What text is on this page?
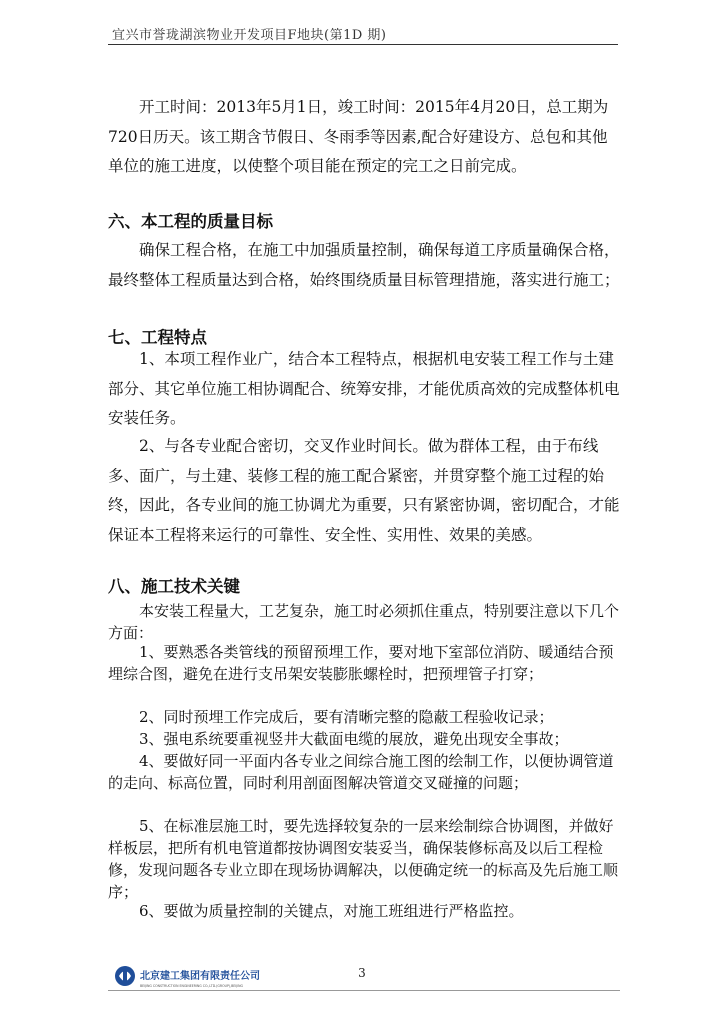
宜兴市誉珑湖滨物业开发项目F地块(第1D 期)
开工时间：2013年5月1日，竣工时间：2015年4月20日，总工期为720日历天。该工期含节假日、冬雨季等因素,配合好建设方、总包和其他单位的施工进度，以使整个项目能在预定的完工之日前完成。
六、本工程的质量目标
确保工程合格，在施工中加强质量控制，确保每道工序质量确保合格，最终整体工程质量达到合格，始终围绕质量目标管理措施，落实进行施工；
七、工程特点
1、本项工程作业广，结合本工程特点，根据机电安装工程工作与土建部分、其它单位施工相协调配合、统筹安排，才能优质高效的完成整体机电安装任务。
2、与各专业配合密切，交叉作业时间长。做为群体工程，由于布线多、面广，与土建、装修工程的施工配合紧密，并贯穿整个施工过程的始终，因此，各专业间的施工协调尤为重要，只有紧密协调，密切配合，才能保证本工程将来运行的可靠性、安全性、实用性、效果的美感。
八、施工技术关键
本安装工程量大，工艺复杂，施工时必须抓住重点，特别要注意以下几个方面：
1、要熟悉各类管线的预留预埋工作，要对地下室部位消防、暖通结合预埋综合图，避免在进行支吊架安装膨胀螺栓时，把预埋管子打穿；
2、同时预埋工作完成后，要有清晰完整的隐蔽工程验收记录；
3、强电系统要重视竖井大截面电缆的展放，避免出现安全事故；
4、要做好同一平面内各专业之间综合施工图的绘制工作，以便协调管道的走向、标高位置，同时利用剖面图解决管道交叉碰撞的问题；
5、在标准层施工时，要先选择较复杂的一层来绘制综合协调图，并做好样板层，把所有机电管道都按协调图安装妥当，确保装修标高及以后工程检修，发现问题各专业立即在现场协调解决，以便确定统一的标高及先后施工顺序；
6、要做为质量控制的关键点，对施工班组进行严格监控。
北京建工集团有限责任公司
BEIJING CONSTRUCTION ENGINEERING CO.,LTD.(GROUP),BEIJING
3
